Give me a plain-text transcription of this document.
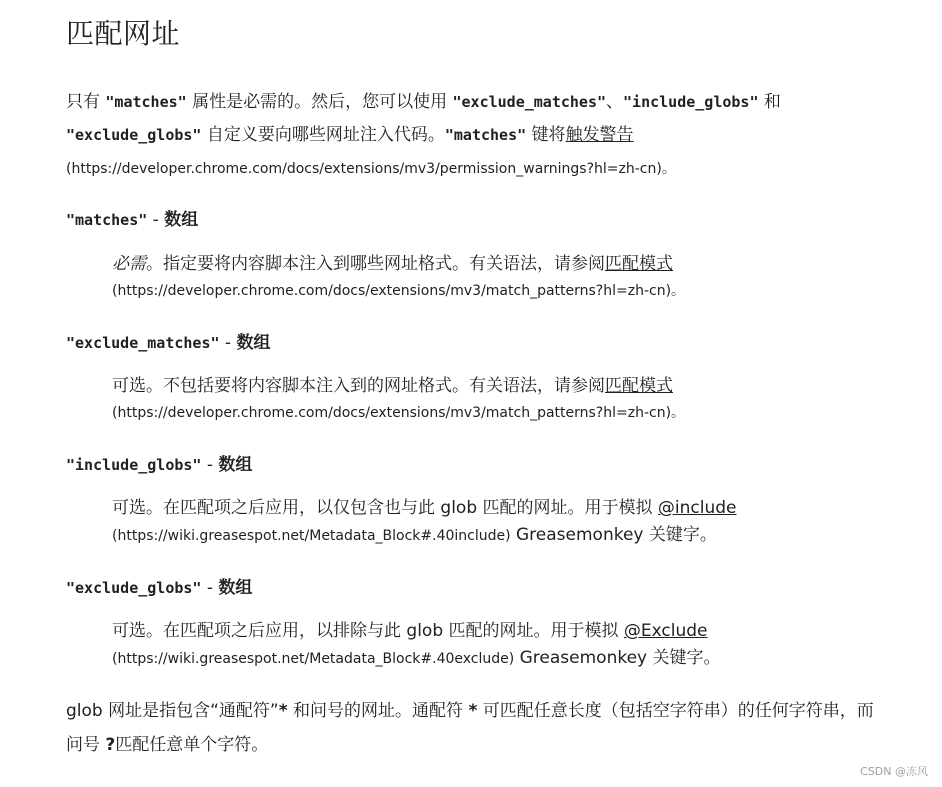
匹配网址
只有 "matches" 属性是必需的。然后，您可以使用 "exclude_matches"、"include_globs" 和
"exclude_globs" 自定义要向哪些网址注入代码。"matches" 键将触发警告
(https://developer.chrome.com/docs/extensions/mv3/permission_warnings?hl=zh-cn)。
"matches" - 数组
必需。指定要将内容脚本注入到哪些网址格式。有关语法，请参阅匹配模式
(https://developer.chrome.com/docs/extensions/mv3/match_patterns?hl=zh-cn)。
"exclude_matches" - 数组
可选。不包括要将内容脚本注入到的网址格式。有关语法，请参阅匹配模式
(https://developer.chrome.com/docs/extensions/mv3/match_patterns?hl=zh-cn)。
"include_globs" - 数组
可选。在匹配项之后应用，以仅包含也与此 glob 匹配的网址。用于模拟 @include
(https://wiki.greasespot.net/Metadata_Block#.40include) Greasemonkey 关键字。
"exclude_globs" - 数组
可选。在匹配项之后应用，以排除与此 glob 匹配的网址。用于模拟 @Exclude
(https://wiki.greasespot.net/Metadata_Block#.40exclude) Greasemonkey 关键字。
glob 网址是指包含“通配符”* 和问号的网址。通配符 * 可匹配任意长度（包括空字符串）的任何字符串，而问号 ?匹配任意单个字符。
CSDN @冻风
